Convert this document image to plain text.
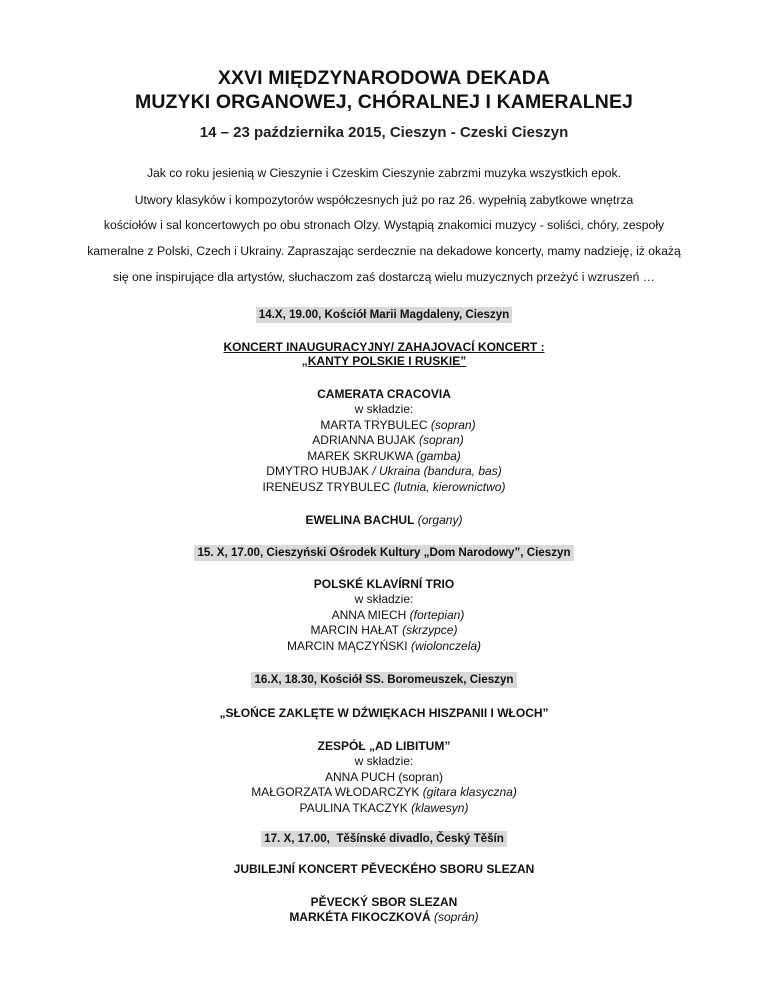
XXVI MIĘDZYNARODOWA DEKADA
MUZYKI ORGANOWEJ, CHÓRALNEJ I KAMERALNEJ
14 – 23 października 2015, Cieszyn - Czeski Cieszyn
Jak co roku jesienią w Cieszynie i Czeskim Cieszynie zabrzmi muzyka wszystkich epok.
Utwory klasyków i kompozytorów współczesnych już po raz 26. wypełnią zabytkowe wnętrza
kościołów i sal koncertowych po obu stronach Olzy. Wystąpią znakomici muzycy - soliści, chóry, zespoły
kameralne z Polski, Czech i Ukrainy. Zapraszając serdecznie na dekadowe koncerty, mamy nadzieję, iż okażą
się one inspirujące dla artystów, słuchaczom zaś dostarczą wielu muzycznych przeżyć i wzruszeń …
14.X, 19.00, Kościół Marii Magdaleny, Cieszyn
KONCERT INAUGURACYJNY/ ZAHAJOVACÍ KONCERT :
„KANTY POLSKIE I RUSKIE”
CAMERATA CRACOVIA
w składzie:
MARTA TRYBULEC (sopran)
ADRIANNA BUJAK (sopran)
MAREK SKRUKWA (gamba)
DMYTRO HUBJAK / Ukraina (bandura, bas)
IRENEUSZ TRYBULEC (lutnia, kierownictwo)
EWELINA BACHUL (organy)
15. X, 17.00, Cieszyński Ośrodek Kultury „Dom Narodowy”, Cieszyn
POLSKÉ KLAVÍRNÍ TRIO
w składzie:
ANNA MIECH (fortepian)
MARCIN HAŁAT (skrzypce)
MARCIN MĄCZYŃSKI (wiolonczela)
16.X, 18.30, Kościół SS. Boromeuszek, Cieszyn
„SŁOŃCE ZAKLĘTE W DŹWIĘKACH HISZPANII I WŁOCH”
ZESPÓŁ „AD LIBITUM”
w składzie:
ANNA PUCH (sopran)
MAŁGORZATA WŁODARCZYK (gitara klasyczna)
PAULINA TKACZYK (klawesyn)
17. X, 17.00,  Těšínské divadlo, Český Těšín
JUBILEJNÍ KONCERT PĚVECKÉHO SBORU SLEZAN
PĚVECKÝ SBOR SLEZAN
MARKÉTA FIKOCZKOVÁ (soprán)
